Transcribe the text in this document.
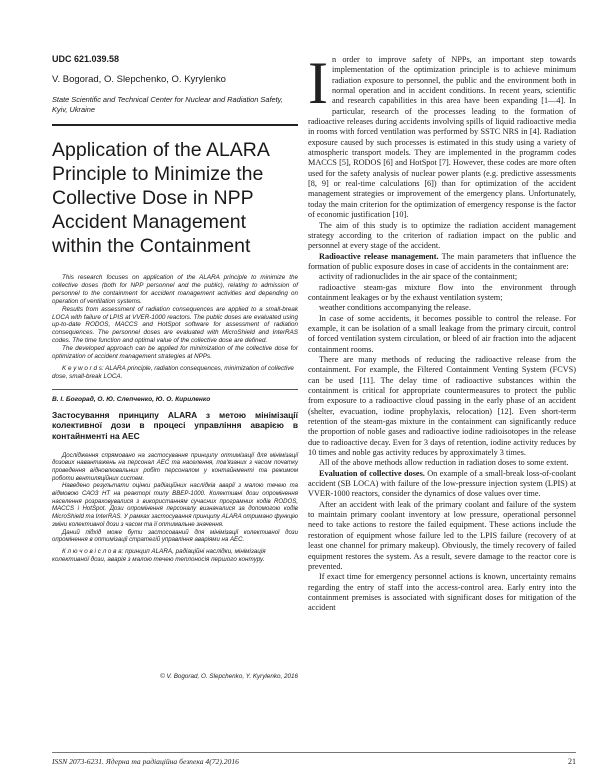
UDC 621.039.58

V. Bogorad, O. Slepchenko, O. Kyrylenko

State Scientific and Technical Center for Nuclear and Radiation Safety, Kyiv, Ukraine

Application of the ALARA Principle to Minimize the Collective Dose in NPP Accident Management within the Containment

This research focuses on application of the ALARA principle to minimize the collective doses (both for NPP personnel and the public), relating to admission of personnel to the containment for accident management activities and depending on operation of ventilation systems.

Results from assessment of radiation consequences are applied to a small-break LOCA with failure of LPIS at VVER-1000 reactors. The public doses are evaluated using up-to-date RODOS, MACCS and HotSpot software for assessment of radiation consequences. The personnel doses are evaluated with MicroShield and InterRAS codes. The time function and optimal value of the collective dose are defined.

The developed approach can be applied for minimization of the collective dose for optimization of accident management strategies at NPPs.

K e y w o r d s: ALARA principle, radiation consequences, minimization of collective dose, small-break LOCA.

В. І. Богорад, О. Ю. Слепченко, Ю. О. Кириленко

Застосування принципу ALARA з метою мінімізації колективної дози в процесі управління аварією в контайнменті на АЕС

Дослідження спрямовано на застосування принципу оптимізації для мінімізації дозових навантажень на персонал АЕС та населення, пов'язаних з часом початку проведення відновлювальних робіт персоналом у контайнменті та режимом роботи вентиляційних систем.

Наведено результати оцінки радіаційних наслідків аварії з малою течею та відмовою САОЗ НТ на реакторі типу ВВЕР-1000. Колективні дози опромінення населення розраховувалися з використанням сучасних програмних кодів RODOS, MACCS і HotSpot. Дози опромінення персоналу визначалися за допомогою кодів MicroShield та InterRAS. У рамках застосування принципу ALARA отримано функцію зміни колективної дози з часом та її оптимальне значення.

Даний підхід може бути застосований для мінімізації колективної дози опромінення в оптимізації стратегій управління аваріями на АЕС.

К л ю ч о в і с л о в а: принцип ALARA, радіаційні наслідки, мінімізація колективної дози, аварія з малою течею теплоносія першого контуру.

© V. Bogorad, O. Slepchenko, Y. Kyrylenko, 2016
I n order to improve safety of NPPs, an important step towards implementation of the optimization principle is to achieve minimum radiation exposure to personnel, the public and the environment both in normal operation and in accident conditions. In recent years, scientific and research capabilities in this area have been expanding [1—4]. In particular, research of the processes leading to the formation of radioactive releases during accidents involving spills of liquid radioactive media in rooms with forced ventilation was performed by SSTC NRS in [4]. Radiation exposure caused by such processes is estimated in this study using a variety of atmospheric transport models. They are implemented in the programm codes MACCS [5], RODOS [6] and HotSpot [7]. However, these codes are more often used for the safety analysis of nuclear power plants (e.g. predictive assessments [8, 9] or real-time calculations [6]) than for optimization of the accident management strategies or improvement of the emergency plans. Unfortunately, today the main criterion for the optimization of emergency response is the factor of economic justification [10].

The aim of this study is to optimize the radiation accident management strategy according to the criterion of radiation impact on the public and personnel at every stage of the accident.

Radioactive release management. The main parameters that influence the formation of public exposure doses in case of accidents in the containment are:

activity of radionuclides in the air space of the containment;

radioactive steam-gas mixture flow into the environment through containment leakages or by the exhaust ventilation system;

weather conditions accompanying the release.

In case of some accidents, it becomes possible to control the release. For example, it can be isolation of a small leakage from the primary circuit, control of forced ventilation system circulation, or bleed of air fraction into the adjacent containment rooms.

There are many methods of reducing the radioactive release from the containment. For example, the Filtered Containment Venting System (FCVS) can be used [11]. The delay time of radioactive substances within the containment is critical for appropriate countermeasures to protect the public from exposure to a radioactive cloud passing in the early phase of an accident (shelter, evacuation, iodine prophylaxis, relocation) [12]. Even short-term retention of the steam-gas mixture in the containment can significantly reduce the proportion of noble gases and radioactive iodine radioisotopes in the release due to radioactive decay. Even for 3 days of retention, iodine activity reduces by 10 times and noble gas activity reduces by approximately 3 times.

All of the above methods allow reduction in radiation doses to some extent.

Evaluation of collective doses. On example of a small-break loss-of-coolant accident (SB LOCA) with failure of the low-pressure injection system (LPIS) at VVER-1000 reactors, consider the dynamics of dose values over time.

After an accident with leak of the primary coolant and failure of the system to maintain primary coolant inventory at low pressure, operational personnel need to take actions to restore the failed equipment. These actions include the restoration of equipment whose failure led to the LPIS failure (recovery of at least one channel for primary makeup). Obviously, the timely recovery of failed equipment restores the system. As a result, severe damage to the reactor core is prevented.

If exact time for emergency personnel actions is known, uncertainty remains regarding the entry of staff into the access-control area. Early entry into the containment premises is associated with significant doses for mitigation of the accident

ISSN 2073-6231. Ядерна та радіаційна безпека 4(72).2016	21
